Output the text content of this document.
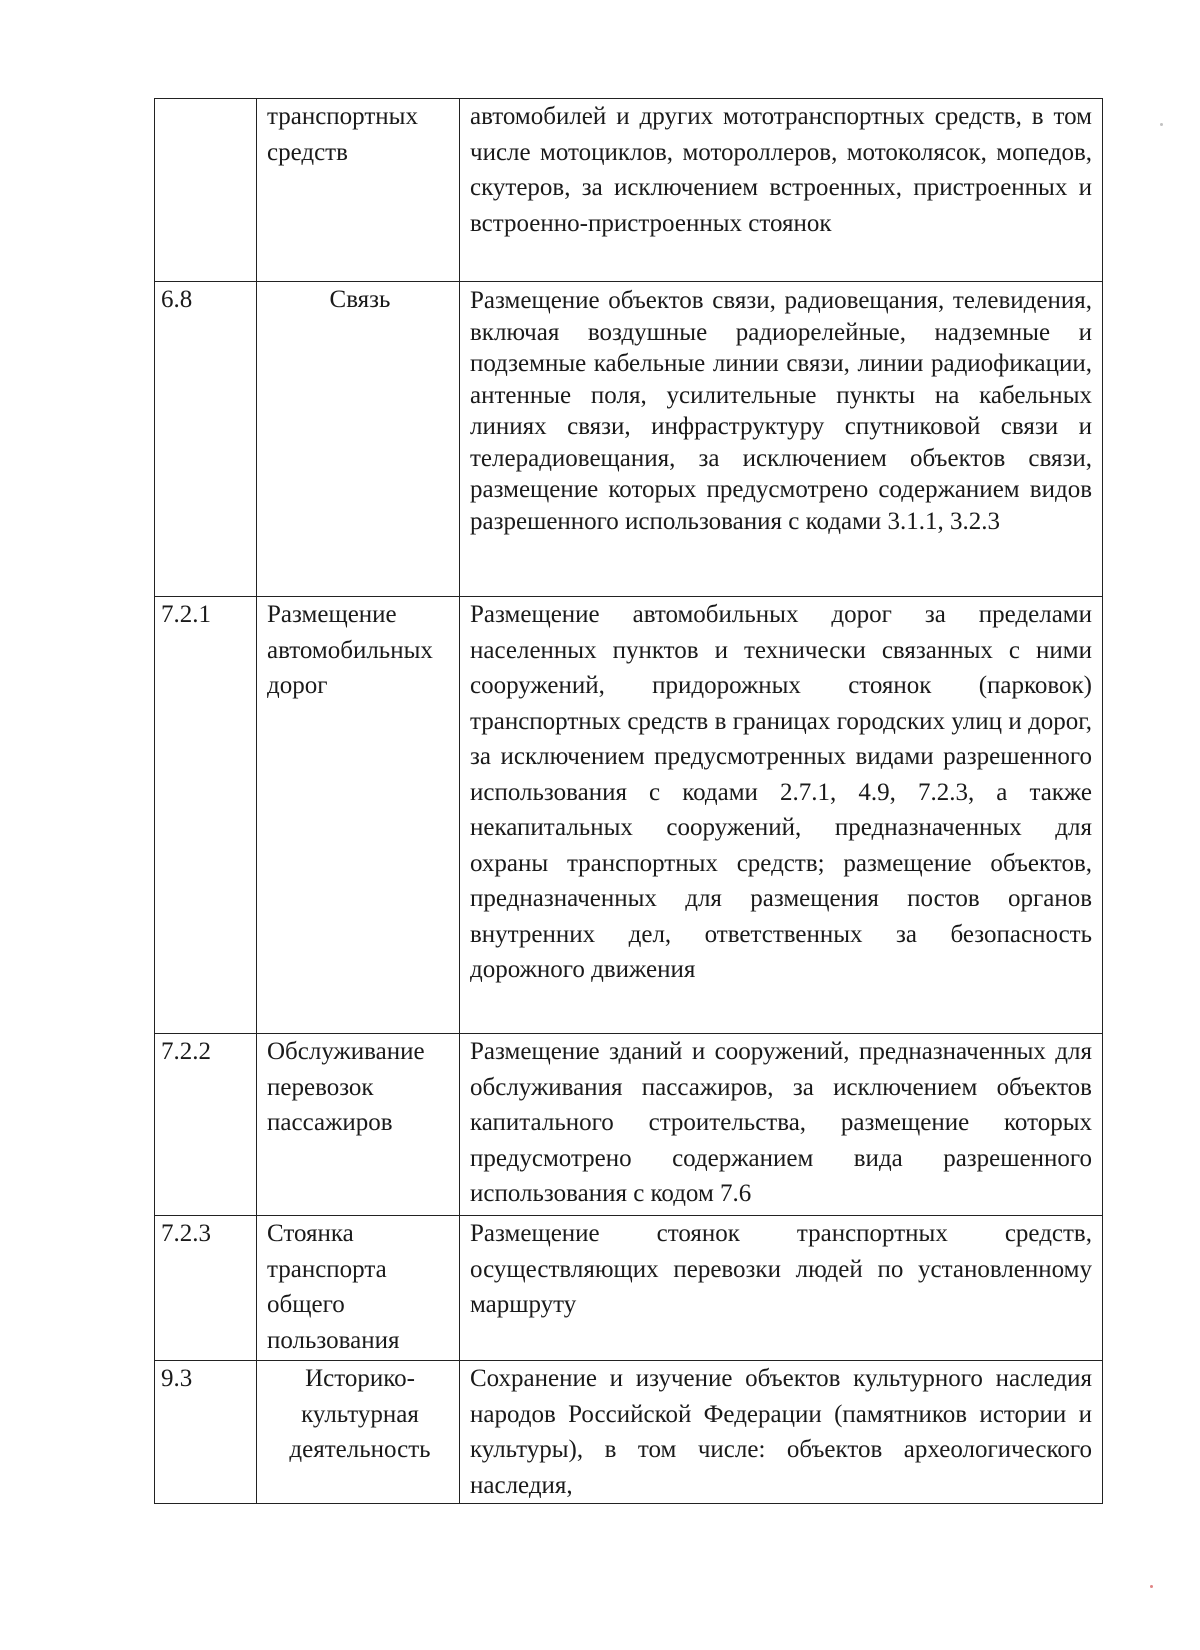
	транспортных средств	автомобилей и других мототранспортных средств, в том числе мотоциклов, мотороллеров, мотоколясок, мопедов, скутеров, за исключением встроенных, пристроенных и встроенно-пристроенных стоянок

6.8	Связь	Размещение объектов связи, радиовещания, телевидения, включая воздушные радиорелейные, надземные и подземные кабельные линии связи, линии радиофикации, антенные поля, усилительные пункты на кабельных линиях связи, инфраструктуру спутниковой связи и телерадиовещания, за исключением объектов связи, размещение которых предусмотрено содержанием видов разрешенного использования с кодами 3.1.1, 3.2.3

7.2.1	Размещение автомобильных дорог	Размещение автомобильных дорог за пределами населенных пунктов и технически связанных с ними сооружений, придорожных стоянок (парковок) транспортных средств в границах городских улиц и дорог, за исключением предусмотренных видами разрешенного использования с кодами 2.7.1, 4.9, 7.2.3, а также некапитальных сооружений, предназначенных для охраны транспортных средств; размещение объектов, предназначенных для размещения постов органов внутренних дел, ответственных за безопасность дорожного движения

7.2.2	Обслуживание перевозок пассажиров	Размещение зданий и сооружений, предназначенных для обслуживания пассажиров, за исключением объектов капитального строительства, размещение которых предусмотрено содержанием вида разрешенного использования с кодом 7.6

7.2.3	Стоянка транспорта общего пользования	Размещение стоянок транспортных средств, осуществляющих перевозки людей по установленному маршруту

9.3	Историко-культурная деятельность	Сохранение и изучение объектов культурного наследия народов Российской Федерации (памятников истории и культуры), в том числе: объектов археологического наследия,
